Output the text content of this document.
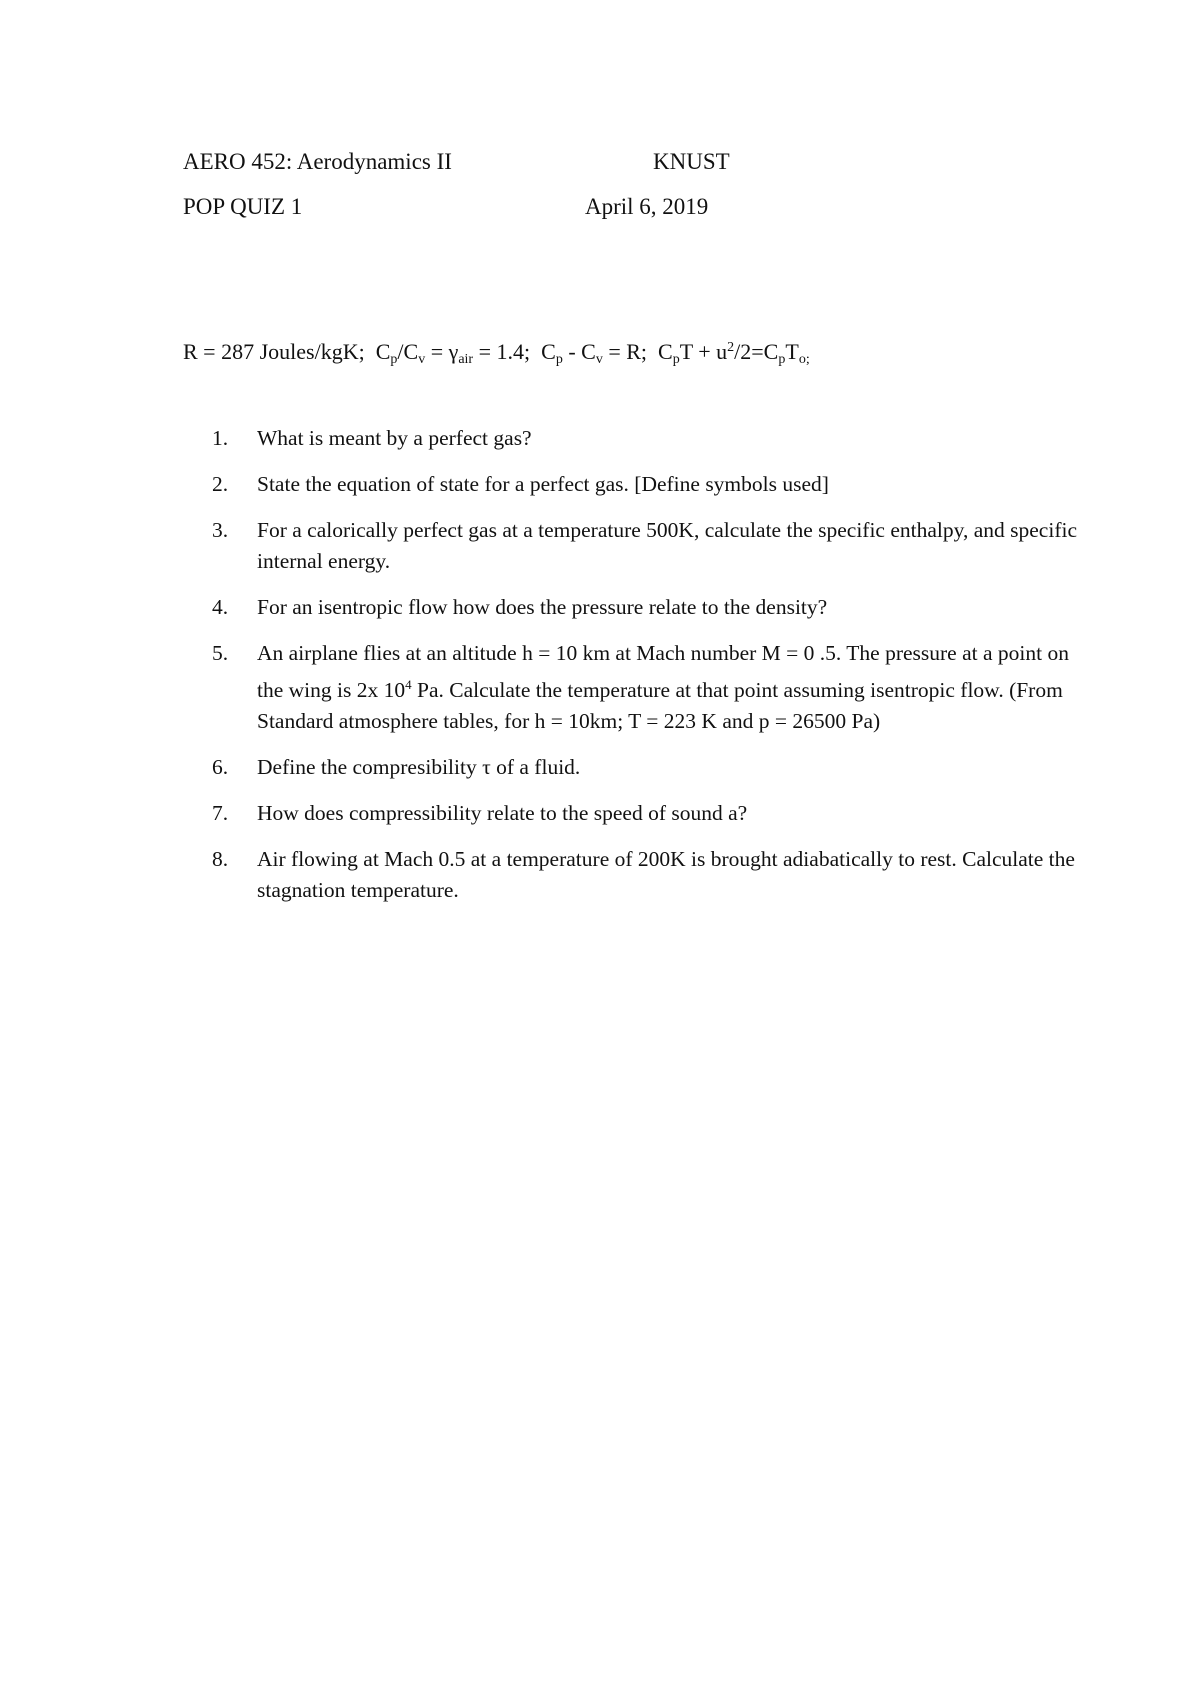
AERO 452: Aerodynamics II	KNUST
POP QUIZ 1	April 6, 2019
R = 287 Joules/kgK; $C_p/C_v = \gamma_{air} = 1.4$; $C_p - C_v = R$; $C_pT + u^2/2=C_pT_{o;}$
1. What is meant by a perfect gas?
2. State the equation of state for a perfect gas. [Define symbols used]
3. For a calorically perfect gas at a temperature 500K, calculate the specific enthalpy, and specific internal energy.
4. For an isentropic flow how does the pressure relate to the density?
5. An airplane flies at an altitude h = 10 km at Mach number M = 0 .5. The pressure at a point on the wing is 2x $10^4$ Pa. Calculate the temperature at that point assuming isentropic flow. (From Standard atmosphere tables, for h = 10km; T = 223 K and p = 26500 Pa)
6. Define the compresibility τ of a fluid.
7. How does compressibility relate to the speed of sound a?
8. Air flowing at Mach 0.5 at a temperature of 200K is brought adiabatically to rest. Calculate the stagnation temperature.
